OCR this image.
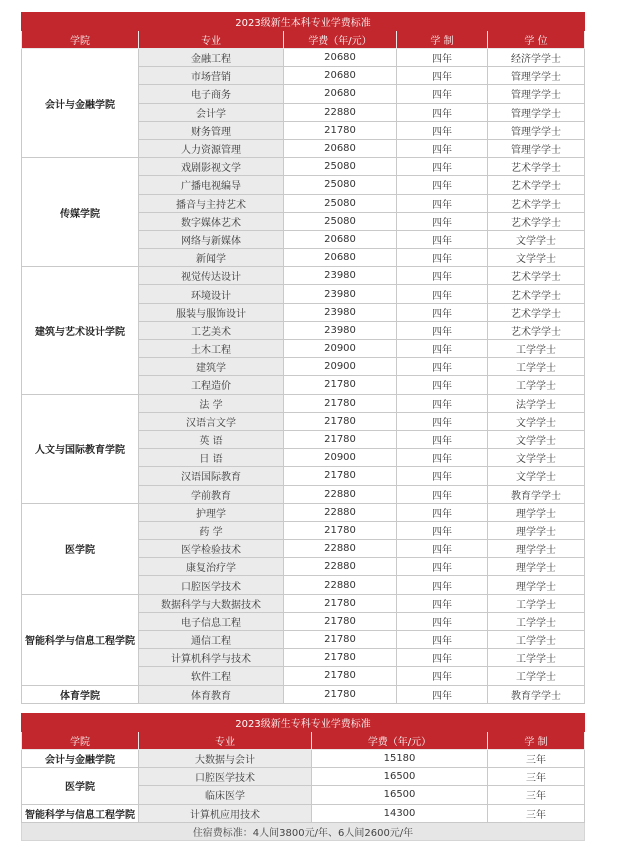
2023级新生本科专业学费标准				
学院	专业	学费（年/元）	学 制	学 位
会计与金融学院	金融工程	20680	四年	经济学学士
	市场营销	20680	四年	管理学学士
	电子商务	20680	四年	管理学学士
	会计学	22880	四年	管理学学士
	财务管理	21780	四年	管理学学士
	人力资源管理	20680	四年	管理学学士
传媒学院	戏剧影视文学	25080	四年	艺术学学士
	广播电视编导	25080	四年	艺术学学士
	播音与主持艺术	25080	四年	艺术学学士
	数字媒体艺术	25080	四年	艺术学学士
	网络与新媒体	20680	四年	文学学士
	新闻学	20680	四年	文学学士
建筑与艺术设计学院	视觉传达设计	23980	四年	艺术学学士
	环境设计	23980	四年	艺术学学士
	服装与服饰设计	23980	四年	艺术学学士
	工艺美术	23980	四年	艺术学学士
	土木工程	20900	四年	工学学士
	建筑学	20900	四年	工学学士
	工程造价	21780	四年	工学学士
人文与国际教育学院	法 学	21780	四年	法学学士
	汉语言文学	21780	四年	文学学士
	英 语	21780	四年	文学学士
	日 语	20900	四年	文学学士
	汉语国际教育	21780	四年	文学学士
	学前教育	22880	四年	教育学学士
医学院	护理学	22880	四年	理学学士
	药 学	21780	四年	理学学士
	医学检验技术	22880	四年	理学学士
	康复治疗学	22880	四年	理学学士
	口腔医学技术	22880	四年	理学学士
智能科学与信息工程学院	数据科学与大数据技术	21780	四年	工学学士
	电子信息工程	21780	四年	工学学士
	通信工程	21780	四年	工学学士
	计算机科学与技术	21780	四年	工学学士
	软件工程	21780	四年	工学学士
体育学院	体育教育	21780	四年	教育学学士
2023级新生专科专业学费标准			
学院	专业	学费（年/元）	学 制
会计与金融学院	大数据与会计	15180	三年
医学院	口腔医学技术	16500	三年
	临床医学	16500	三年
智能科学与信息工程学院	计算机应用技术	14300	三年
住宿费标准：4人间3800元/年、6人间2600元/年			
